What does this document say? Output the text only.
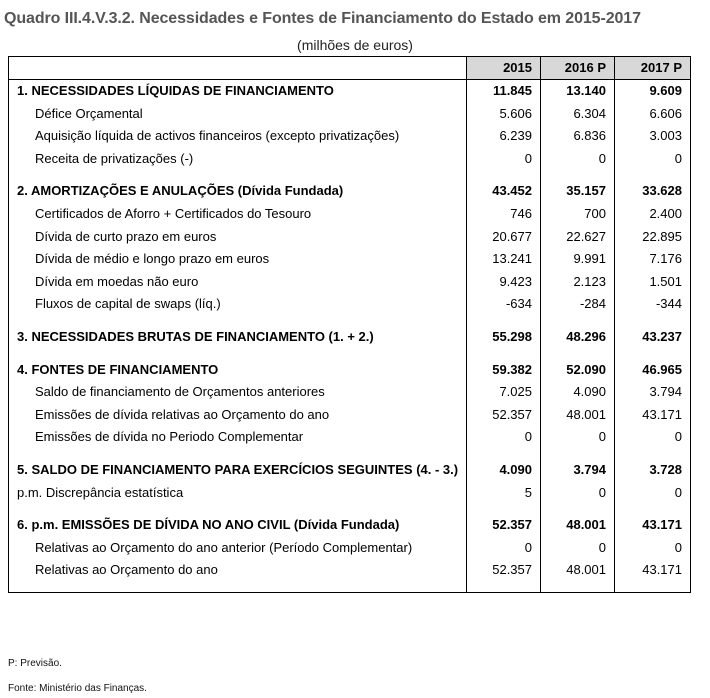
Quadro III.4.V.3.2. Necessidades e Fontes de Financiamento do Estado em 2015-2017
(milhões de euros)
	2015	2016 P	2017 P
1. NECESSIDADES LÍQUIDAS DE FINANCIAMENTO	11.845	13.140	9.609
Défice Orçamental	5.606	6.304	6.606
Aquisição líquida de activos financeiros (excepto privatizações)	6.239	6.836	3.003
Receita de privatizações (-)	0	0	0

2. AMORTIZAÇÕES E ANULAÇÕES (Dívida Fundada)	43.452	35.157	33.628
Certificados de Aforro + Certificados do Tesouro	746	700	2.400
Dívida de curto prazo em euros	20.677	22.627	22.895
Dívida de médio e longo prazo em euros	13.241	9.991	7.176
Dívida em moedas não euro	9.423	2.123	1.501
Fluxos de capital de swaps (líq.)	-634	-284	-344

3. NECESSIDADES BRUTAS DE FINANCIAMENTO (1. + 2.)	55.298	48.296	43.237

4. FONTES DE FINANCIAMENTO	59.382	52.090	46.965
Saldo de financiamento de Orçamentos anteriores	7.025	4.090	3.794
Emissões de dívida relativas ao Orçamento do ano	52.357	48.001	43.171
Emissões de dívida no Periodo Complementar	0	0	0

5. SALDO DE FINANCIAMENTO PARA EXERCÍCIOS SEGUINTES (4. - 3.)	4.090	3.794	3.728
p.m. Discrepância estatística	5	0	0

6. p.m. EMISSÕES DE DÍVIDA NO ANO CIVIL (Dívida Fundada)	52.357	48.001	43.171
Relativas ao Orçamento do ano anterior (Período Complementar)	0	0	0
Relativas ao Orçamento do ano	52.357	48.001	43.171

P: Previsão.
Fonte: Ministério das Finanças.
